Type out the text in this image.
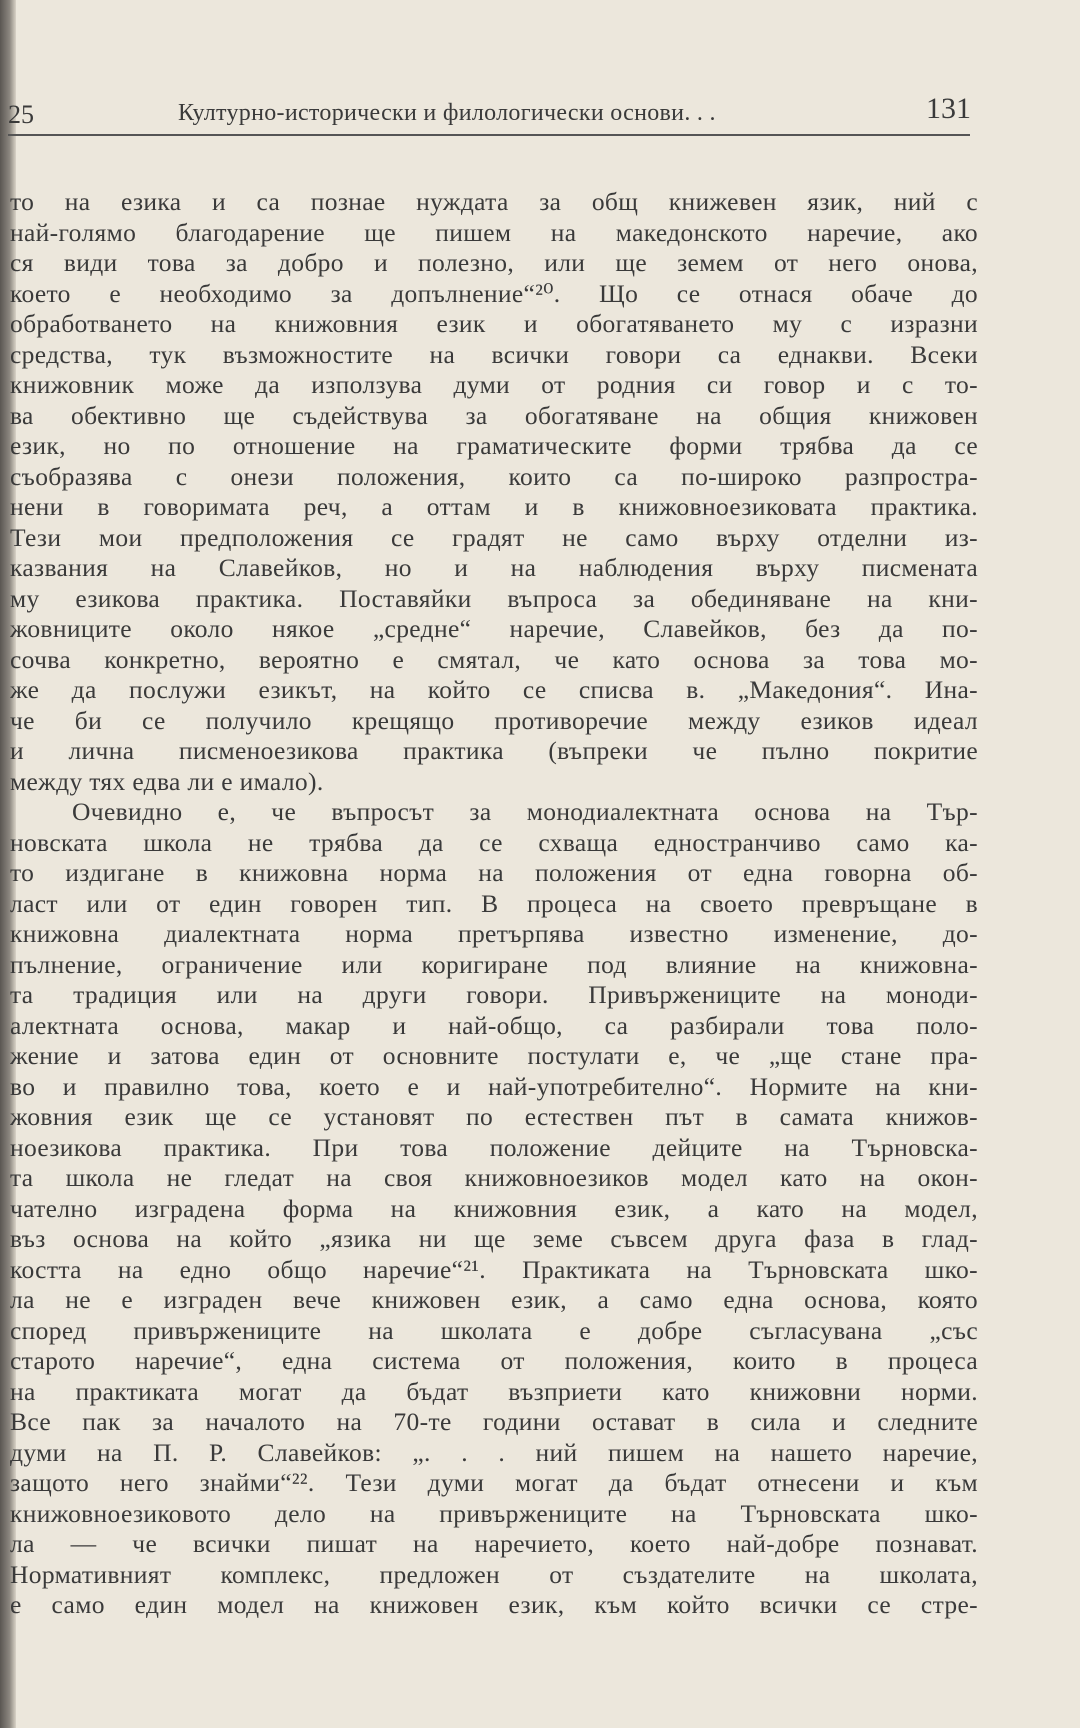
25	Културно-исторически и филологически основи. . .	131
то на езика и са познае нуждата за общ книжевен язик, ний с
най-голямо благодарение ще пишем на македонското наречие, ако
ся види това за добро и полезно, или ще земем от него онова,
което е необходимо за допълнение“²⁰. Що се отнася обаче до
обработването на книжовния език и обогатяването му с изразни
средства, тук възможностите на всички говори са еднакви. Всеки
книжовник може да използува думи от родния си говор и с то-
ва обективно ще съдействува за обогатяване на общия книжовен
език, но по отношение на граматическите форми трябва да се
съобразява с онези положения, които са по-широко разпростра-
нени в говоримата реч, а оттам и в книжовноезиковата практика.
Тези мои предположения се градят не само върху отделни из-
казвания на Славейков, но и на наблюдения върху писмената
му езикова практика. Поставяйки въпроса за обединяване на кни-
жовниците около някое „средне“ наречие, Славейков, без да по-
сочва конкретно, вероятно е смятал, че като основа за това мо-
же да послужи езикът, на който се списва в. „Македония“. Ина-
че би се получило крещящо противоречие между езиков идеал
и лична писменоезикова практика (въпреки че пълно покритие
между тях едва ли е имало).
Очевидно е, че въпросът за монодиалектната основа на Тър-
новската школа не трябва да се схваща едностранчиво само ка-
то издигане в книжовна норма на положения от една говорна об-
ласт или от един говорен тип. В процеса на своето превръщане в
книжовна диалектната норма претърпява известно изменение, до-
пълнение, ограничение или коригиране под влияние на книжовна-
та традиция или на други говори. Привържениците на моноди-
алектната основа, макар и най-общо, са разбирали това поло-
жение и затова един от основните постулати е, че „ще стане пра-
во и правилно това, което е и най-употребително“. Нормите на кни-
жовния език ще се установят по естествен път в самата книжов-
ноезикова практика. При това положение дейците на Търновска-
та школа не гледат на своя книжовноезиков модел като на окон-
чателно изградена форма на книжовния език, а като на модел,
въз основа на който „язика ни ще земе съвсем друга фаза в глад-
костта на едно общо наречие“²¹. Практиката на Търновската шко-
ла не е изграден вече книжовен език, а само една основа, която
според привържениците на школата е добре съгласувана „със
старото наречие“, една система от положения, които в процеса
на практиката могат да бъдат възприети като книжовни норми.
Все пак за началото на 70-те години остават в сила и следните
думи на П. Р. Славейков: „. . . ний пишем на нашето наречие,
защото него знайми“²². Тези думи могат да бъдат отнесени и към
книжовноезиковото дело на привържениците на Търновската шко-
ла — че всички пишат на наречието, което най-добре познават.
Нормативният комплекс, предложен от създателите на школата,
е само един модел на книжовен език, към който всички се стре-
